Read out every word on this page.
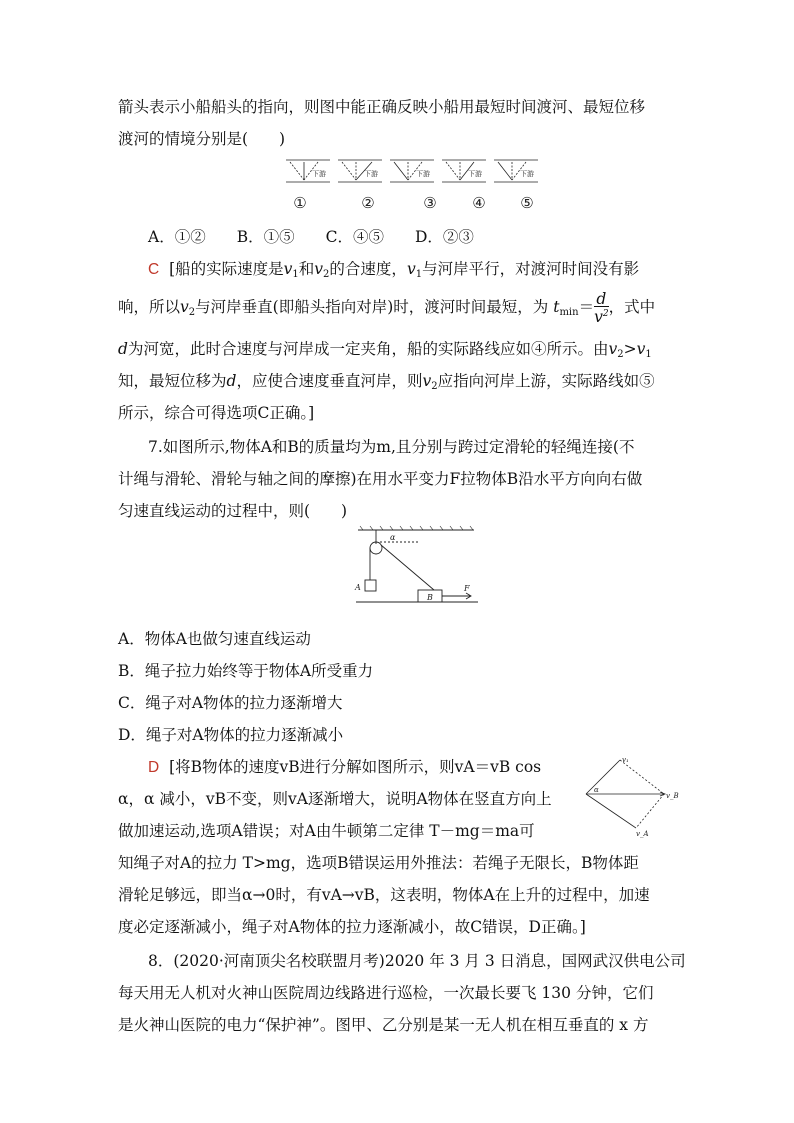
箭头表示小船船头的指向，则图中能正确反映小船用最短时间渡河、最短位移
渡河的情境分别是(　　)
下游	下游	下游	下游	下游
①	②	③ ④ ⑤
A．①②　　B．①⑤　　C．④⑤　　D．②③
C [船的实际速度是$v_1$和$v_2$的合速度，$v_1$与河岸平行，对渡河时间没有影
响，所以$v_2$与河岸垂直(即船头指向对岸)时，渡河时间最短，为 $t_{min}= \frac{d}{v^2}$ ，式中
d为河宽，此时合速度与河岸成一定夹角，船的实际路线应如④所示。由$v_2>v_1$
知，最短位移为d，应使合速度垂直河岸，则$v_2$应指向河岸上游，实际路线如⑤
所示，综合可得选项C正确。]
7.如图所示,物体A和B的质量均为m,且分别与跨过定滑轮的轻绳连接(不
计绳与滑轮、滑轮与轴之间的摩擦)在用水平变力F拉物体B沿水平方向向右做
匀速直线运动的过程中，则(　　)
α
A
B
F
A．物体A也做匀速直线运动
B．绳子拉力始终等于物体A所受重力
C．绳子对A物体的拉力逐渐增大
D．绳子对A物体的拉力逐渐减小
D [将B物体的速度vB进行分解如图所示，则vA＝vB cos
α，α 减小，vB不变，则vA逐渐增大，说明A物体在竖直方向上
做加速运动,选项A错误；对A由牛顿第二定律 T－mg＝ma可
知绳子对A的拉力 T>mg，选项B错误运用外推法：若绳子无限长，B物体距
滑轮足够远，即当α→0时，有vA→vB，这表明，物体A在上升的过程中，加速
度必定逐渐减小，绳子对A物体的拉力逐渐减小，故C错误，D正确。]
v₁
α
v_B
v_A
8．(2020·河南顶尖名校联盟月考)2020 年 3 月 3 日消息，国网武汉供电公司
每天用无人机对火神山医院周边线路进行巡检，一次最长要飞 130 分钟，它们
是火神山医院的电力“保护神”。图甲、乙分别是某一无人机在相互垂直的 x 方
